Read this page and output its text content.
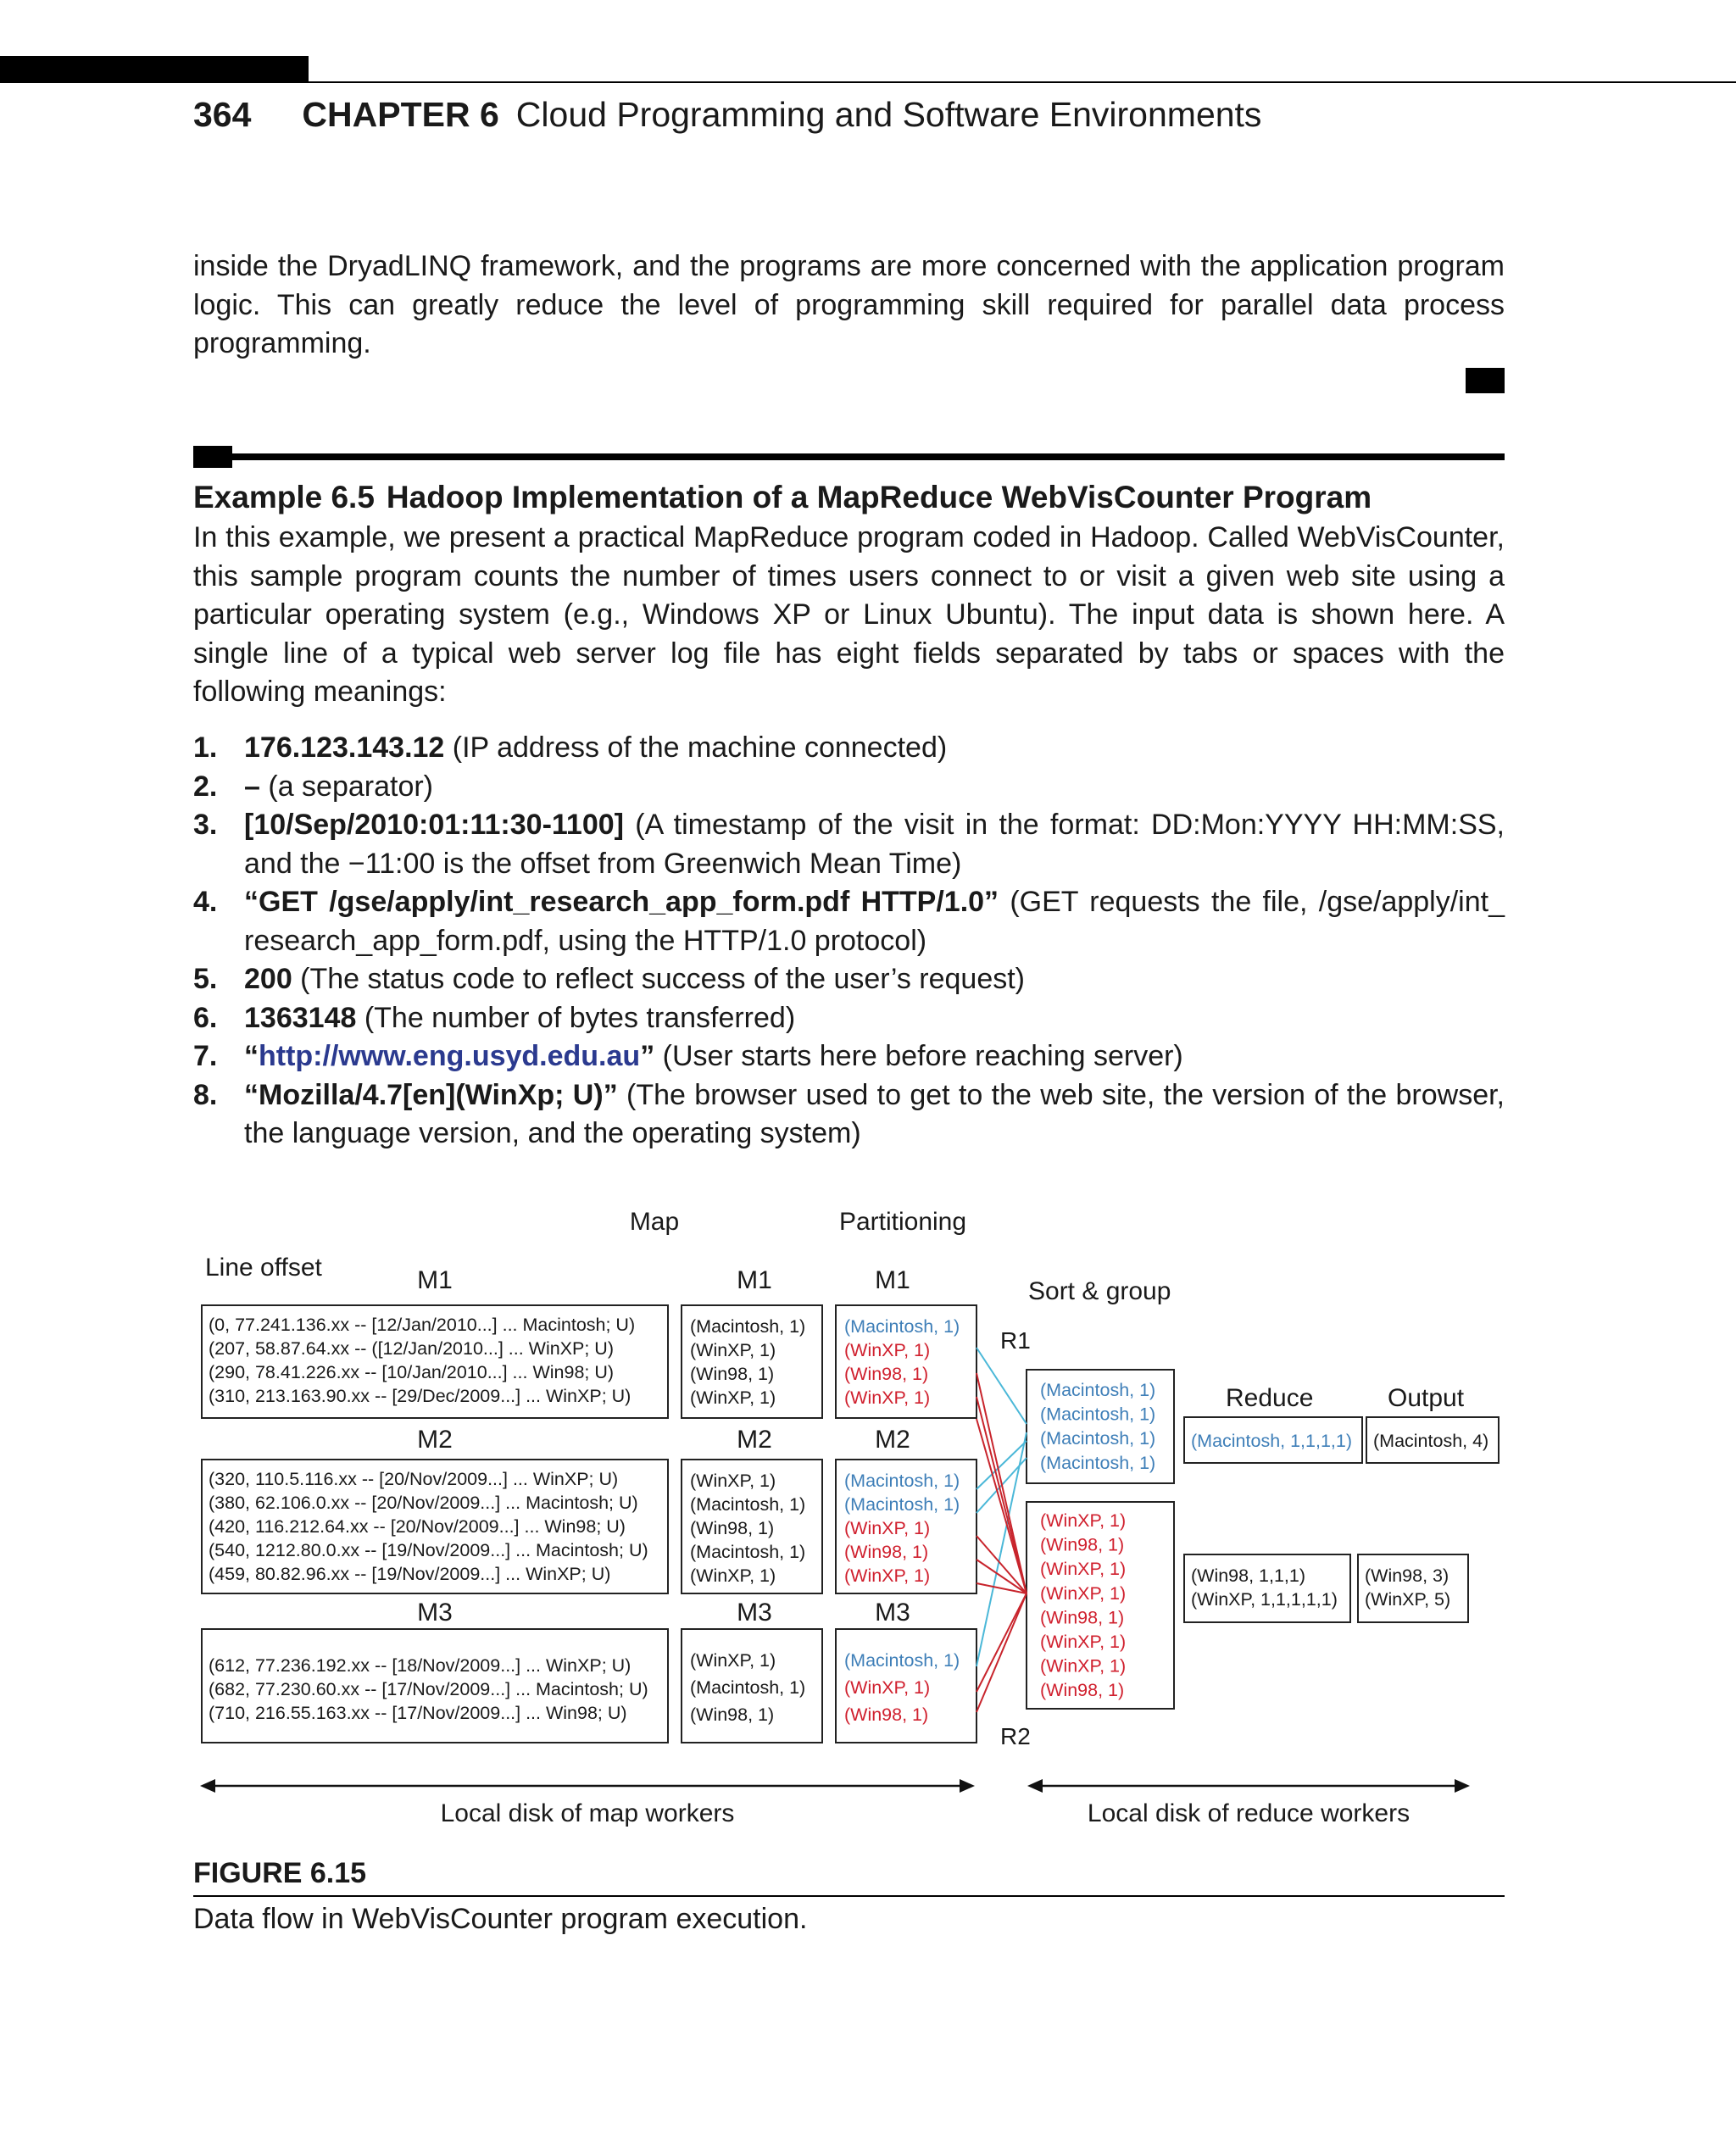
364 CHAPTER 6 Cloud Programming and Software Environments

inside the DryadLINQ framework, and the programs are more concerned with the application program logic. This can greatly reduce the level of programming skill required for parallel data process programming.

Example 6.5 Hadoop Implementation of a MapReduce WebVisCounter Program

In this example, we present a practical MapReduce program coded in Hadoop. Called WebVisCounter, this sample program counts the number of times users connect to or visit a given web site using a particular operating system (e.g., Windows XP or Linux Ubuntu). The input data is shown here. A single line of a typical web server log file has eight fields separated by tabs or spaces with the following meanings:

1. 176.123.143.12 (IP address of the machine connected)
2. – (a separator)
3. [10/Sep/2010:01:11:30-1100] (A timestamp of the visit in the format: DD:Mon:YYYY HH:MM:SS, and the −11:00 is the offset from Greenwich Mean Time)
4. “GET /gse/apply/int_research_app_form.pdf HTTP/1.0” (GET requests the file, /gse/apply/int_ research_app_form.pdf, using the HTTP/1.0 protocol)
5. 200 (The status code to reflect success of the user’s request)
6. 1363148 (The number of bytes transferred)
7. “http://www.eng.usyd.edu.au” (User starts here before reaching server)
8. “Mozilla/4.7[en](WinXp; U)” (The browser used to get to the web site, the version of the browser, the language version, and the operating system)
Map	Partitioning
Line offset
Sort & group
Reduce	Output
R1
R2
M1
(0, 77.241.136.xx -- [12/Jan/2010...] ... Macintosh; U)
(207, 58.87.64.xx -- ([12/Jan/2010...] ... WinXP; U)
(290, 78.41.226.xx -- [10/Jan/2010...] ... Win98; U)
(310, 213.163.90.xx -- [29/Dec/2009...] ... WinXP; U)
M2
(320, 110.5.116.xx -- [20/Nov/2009...] ... WinXP; U)
(380, 62.106.0.xx -- [20/Nov/2009...] ... Macintosh; U)
(420, 116.212.64.xx -- [20/Nov/2009...] ... Win98; U)
(540, 1212.80.0.xx -- [19/Nov/2009...] ... Macintosh; U)
(459, 80.82.96.xx -- [19/Nov/2009...] ... WinXP; U)
M3
(612, 77.236.192.xx -- [18/Nov/2009...] ... WinXP; U)
(682, 77.230.60.xx -- [17/Nov/2009...] ... Macintosh; U)
(710, 216.55.163.xx -- [17/Nov/2009...] ... Win98; U)
M1
(Macintosh, 1)
(WinXP, 1)
(Win98, 1)
(WinXP, 1)
M2
(WinXP, 1)
(Macintosh, 1)
(Win98, 1)
(Macintosh, 1)
(WinXP, 1)
M3
(WinXP, 1)
(Macintosh, 1)
(Win98, 1)
M1
(Macintosh, 1)
(WinXP, 1)
(Win98, 1)
(WinXP, 1)
M2
(Macintosh, 1)
(Macintosh, 1)
(WinXP, 1)
(Win98, 1)
(WinXP, 1)
M3
(Macintosh, 1)
(WinXP, 1)
(Win98, 1)
(Macintosh, 1)
(Macintosh, 1)
(Macintosh, 1)
(Macintosh, 1)
(WinXP, 1)
(Win98, 1)
(WinXP, 1)
(WinXP, 1)
(Win98, 1)
(WinXP, 1)
(WinXP, 1)
(Win98, 1)
(Macintosh, 1,1,1,1)
(Win98, 1,1,1)
(WinXP, 1,1,1,1,1)
(Macintosh, 4)
(Win98, 3)
(WinXP, 5)
Local disk of map workers	Local disk of reduce workers
FIGURE 6.15
Data flow in WebVisCounter program execution.
